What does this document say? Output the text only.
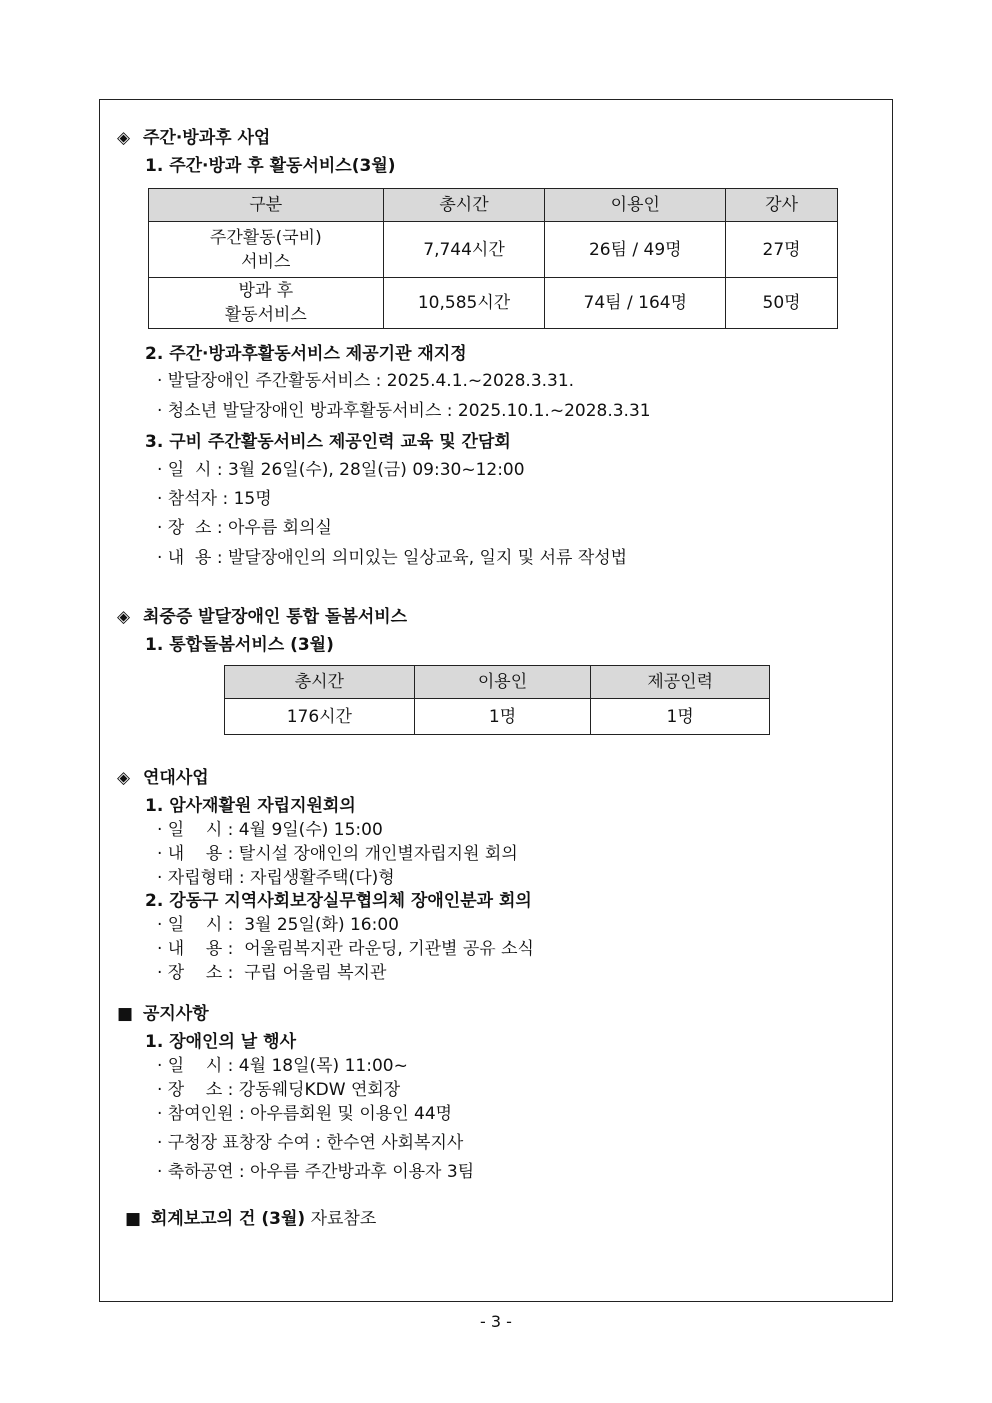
◈ 주간·방과후 사업
1. 주간·방과 후 활동서비스(3월)
구분	총시간	이용인	강사
주간활동(국비)
서비스	7,744시간	26팀 / 49명	27명
방과 후
활동서비스	10,585시간	74팀 / 164명	50명
2. 주간·방과후활동서비스 제공기관 재지정
· 발달장애인 주간활동서비스 : 2025.4.1.~2028.3.31.
· 청소년 발달장애인 방과후활동서비스 : 2025.10.1.~2028.3.31
3. 구비 주간활동서비스 제공인력 교육 및 간담회
· 일  시 : 3월 26일(수), 28일(금) 09:30~12:00
· 참석자 : 15명
· 장  소 : 아우름 회의실
· 내  용 : 발달장애인의 의미있는 일상교육, 일지 및 서류 작성법
◈ 최중증 발달장애인 통합 돌봄서비스
1. 통합돌봄서비스 (3월)
총시간	이용인	제공인력
176시간	1명	1명
◈ 연대사업
1. 암사재활원 자립지원회의
· 일    시 : 4월 9일(수) 15:00
· 내    용 : 탈시설 장애인의 개인별자립지원 회의
· 자립형태 : 자립생활주택(다)형
2. 강동구 지역사회보장실무협의체 장애인분과 회의
· 일    시 :  3월 25일(화) 16:00
· 내    용 :  어울림복지관 라운딩, 기관별 공유 소식
· 장    소 :  구립 어울림 복지관
■ 공지사항
1. 장애인의 날 행사
· 일    시 : 4월 18일(목) 11:00~
· 장    소 : 강동웨딩KDW 연회장
· 참여인원 : 아우름회원 및 이용인 44명
· 구청장 표창장 수여 : 한수연 사회복지사
· 축하공연 : 아우름 주간방과후 이용자 3팀
■ 회계보고의 건 (3월) 자료참조
- 3 -
